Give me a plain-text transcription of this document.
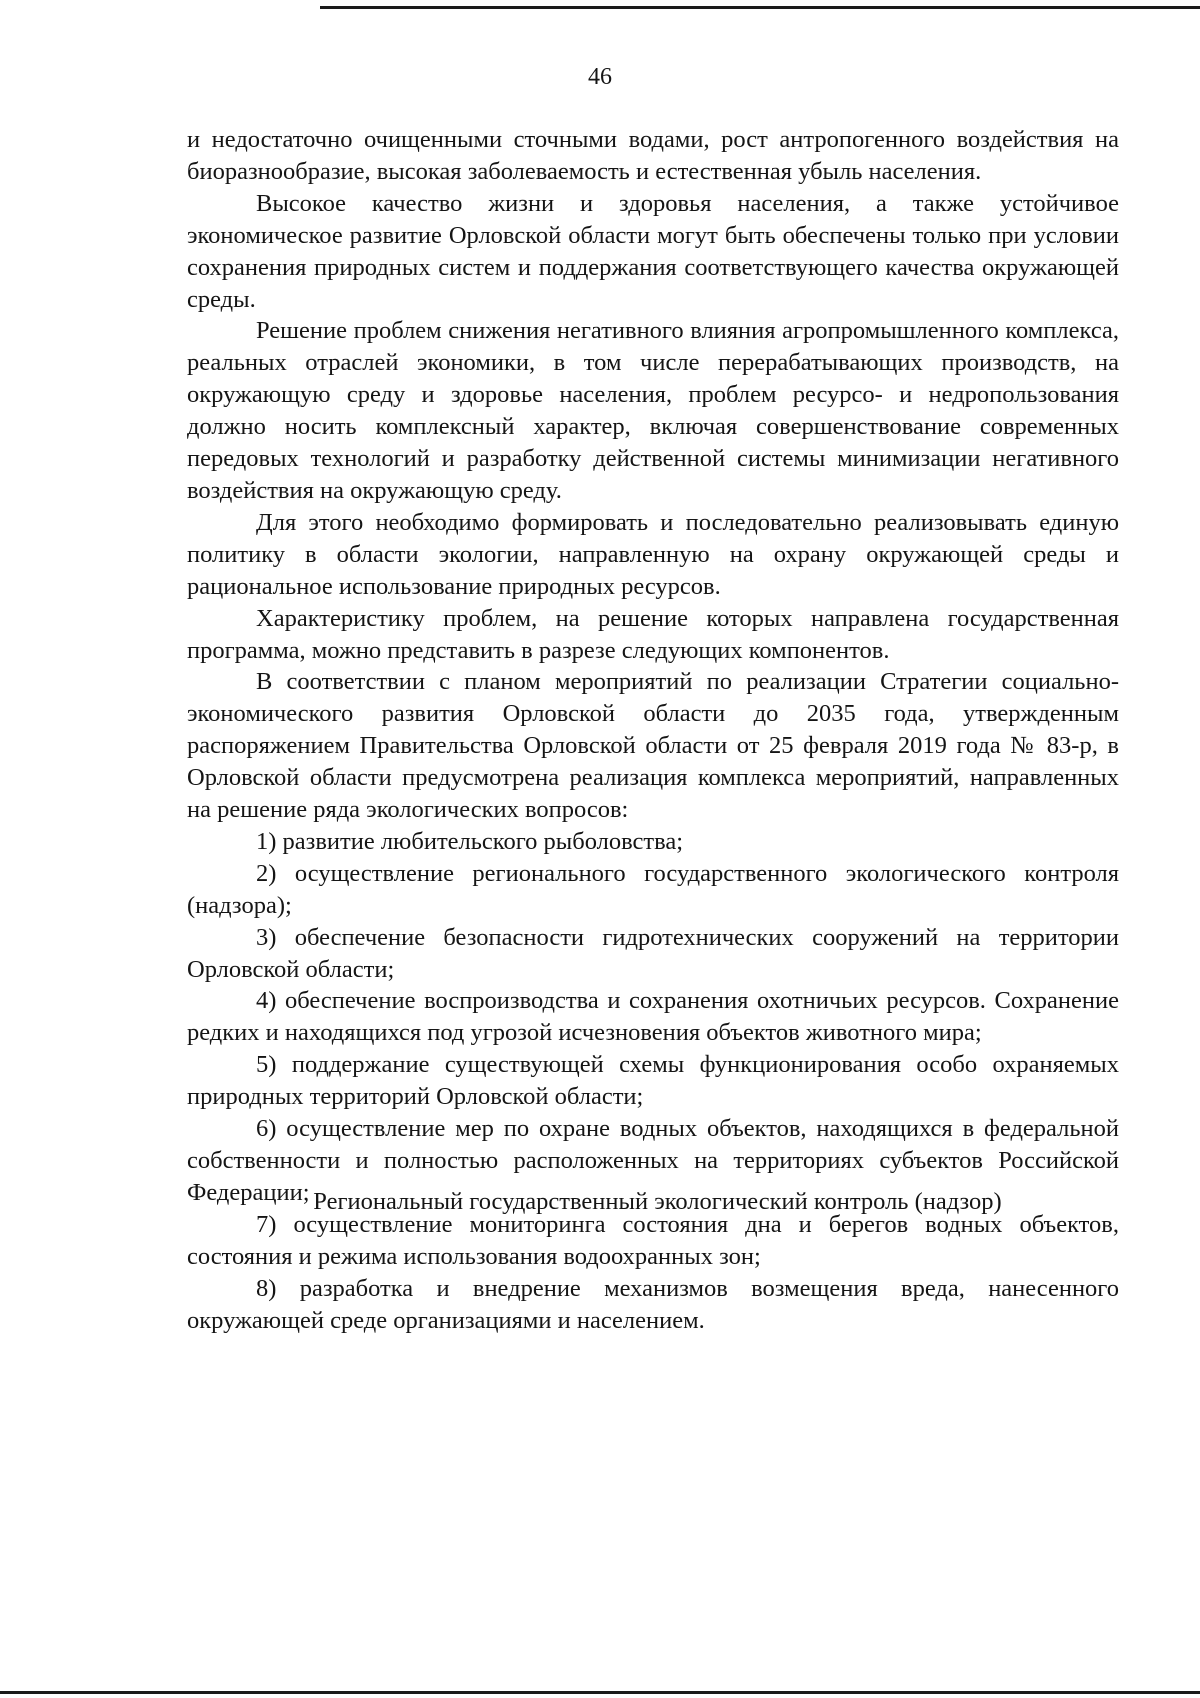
46

и недостаточно очищенными сточными водами, рост антропогенного воздействия на биоразнообразие, высокая заболеваемость и естественная убыль населения.

Высокое качество жизни и здоровья населения, а также устойчивое экономическое развитие Орловской области могут быть обеспечены только при условии сохранения природных систем и поддержания соответствующего качества окружающей среды.

Решение проблем снижения негативного влияния агропромышленного комплекса, реальных отраслей экономики, в том числе перерабатывающих производств, на окружающую среду и здоровье населения, проблем ресурсо- и недропользования должно носить комплексный характер, включая совершенствование современных передовых технологий и разработку действенной системы минимизации негативного воздействия на окружающую среду.

Для этого необходимо формировать и последовательно реализовывать единую политику в области экологии, направленную на охрану окружающей среды и рациональное использование природных ресурсов.

Характеристику проблем, на решение которых направлена государственная программа, можно представить в разрезе следующих компонентов.

В соответствии с планом мероприятий по реализации Стратегии социально-экономического развития Орловской области до 2035 года, утвержденным распоряжением Правительства Орловской области от 25 февраля 2019 года № 83-р, в Орловской области предусмотрена реализация комплекса мероприятий, направленных на решение ряда экологических вопросов:

1) развитие любительского рыболовства;

2) осуществление регионального государственного экологического контроля (надзора);

3) обеспечение безопасности гидротехнических сооружений на территории Орловской области;

4) обеспечение воспроизводства и сохранения охотничьих ресурсов. Сохранение редких и находящихся под угрозой исчезновения объектов животного мира;

5) поддержание существующей схемы функционирования особо охраняемых природных территорий Орловской области;

6) осуществление мер по охране водных объектов, находящихся в федеральной собственности и полностью расположенных на территориях субъектов Российской Федерации;

7) осуществление мониторинга состояния дна и берегов водных объектов, состояния и режима использования водоохранных зон;

8) разработка и внедрение механизмов возмещения вреда, нанесенного окружающей среде организациями и населением.

Региональный государственный экологический контроль (надзор)
